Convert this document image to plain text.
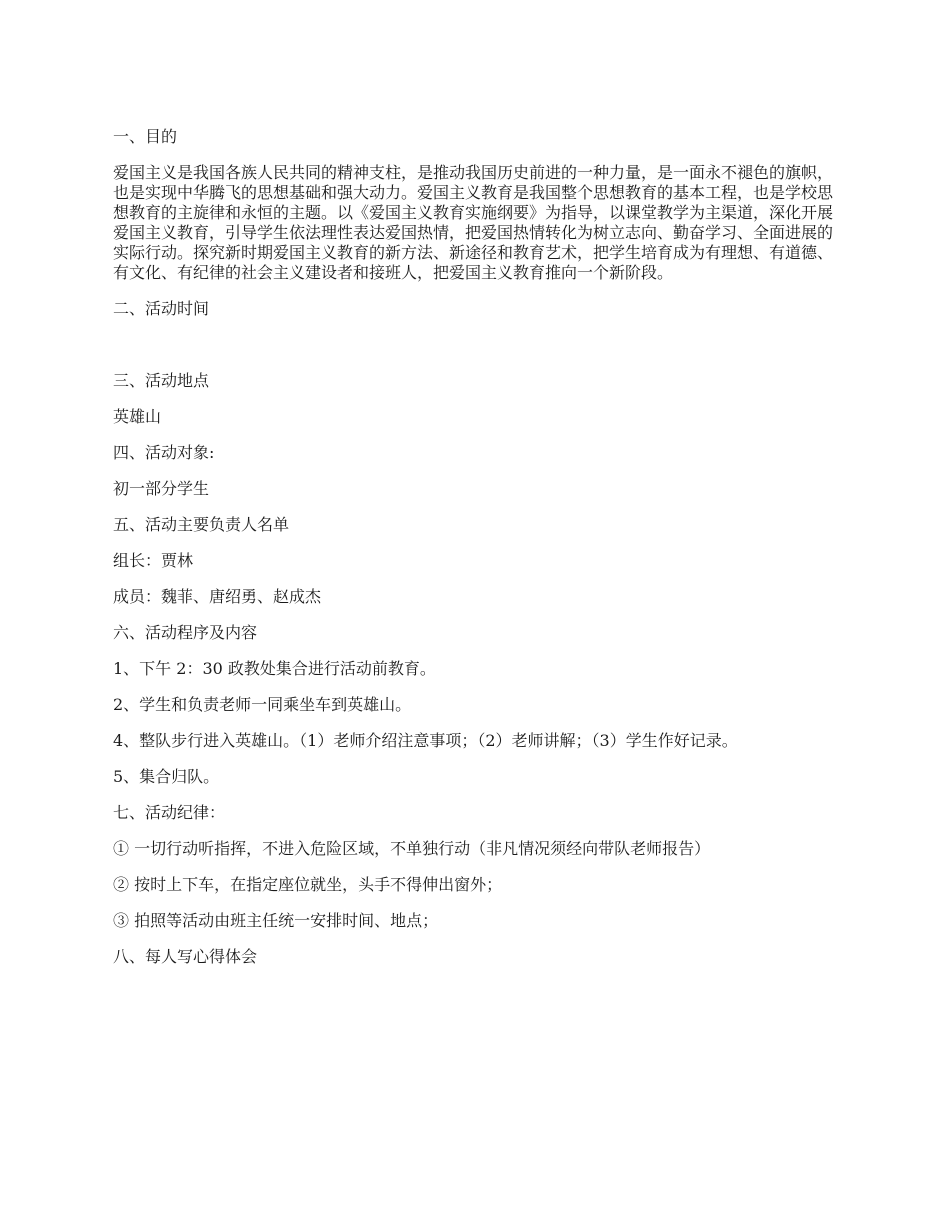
一、目的

爱国主义是我国各族人民共同的精神支柱，是推动我国历史前进的一种力量，是一面永不褪色的旗帜，也是实现中华腾飞的思想基础和强大动力。爱国主义教育是我国整个思想教育的基本工程，也是学校思想教育的主旋律和永恒的主题。以《爱国主义教育实施纲要》为指导，以课堂教学为主渠道，深化开展爱国主义教育，引导学生依法理性表达爱国热情，把爱国热情转化为树立志向、勤奋学习、全面进展的实际行动。探究新时期爱国主义教育的新方法、新途径和教育艺术，把学生培育成为有理想、有道德、有文化、有纪律的社会主义建设者和接班人，把爱国主义教育推向一个新阶段。

二、活动时间

三、活动地点

英雄山

四、活动对象:

初一部分学生

五、活动主要负责人名单

组长：贾林

成员：魏菲、唐绍勇、赵成杰

六、活动程序及内容

1、下午 2：30 政教处集合进行活动前教育。

2、学生和负责老师一同乘坐车到英雄山。

4、整队步行进入英雄山。（1）老师介绍注意事项；（2）老师讲解；（3）学生作好记录。

5、集合归队。

七、活动纪律：

① 一切行动听指挥，不进入危险区域，不单独行动（非凡情况须经向带队老师报告）

② 按时上下车，在指定座位就坐，头手不得伸出窗外；

③ 拍照等活动由班主任统一安排时间、地点；

八、每人写心得体会
